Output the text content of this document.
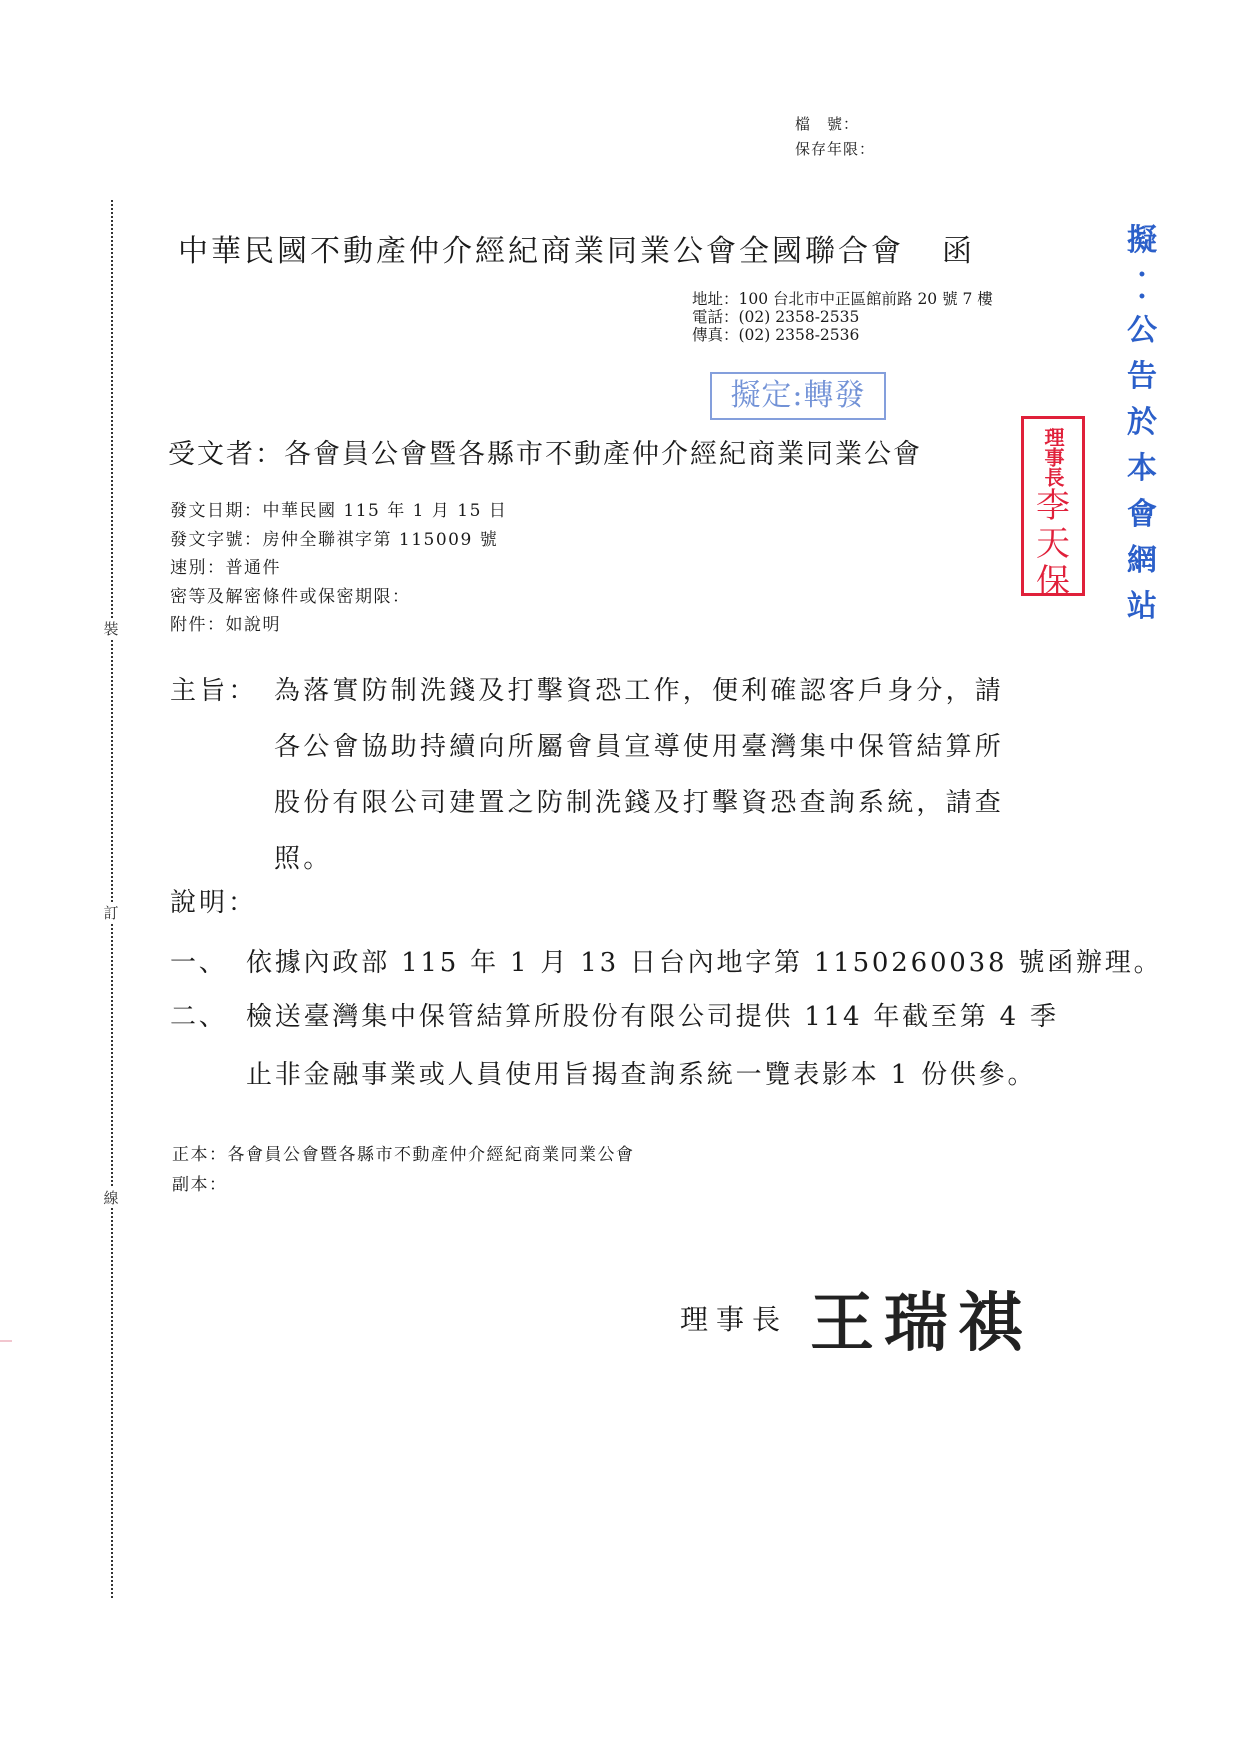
檔　號：
保存年限：
裝
訂
線
中華民國不動產仲介經紀商業同業公會全國聯合會 函
地址：100 台北市中正區館前路 20 號 7 樓
電話：(02) 2358-2535
傳真：(02) 2358-2536
擬定:轉發
受文者：各會員公會暨各縣市不動產仲介經紀商業同業公會	理事長
李
天
保
擬
•
•
公
告
於
本
會
網
站
發文日期：中華民國 115 年 1 月 15 日
發文字號：房仲全聯祺字第 115009 號
速別：普通件
密等及解密條件或保密期限：
附件：如說明
主旨： 為落實防制洗錢及打擊資恐工作，便利確認客戶身分，請
各公會協助持續向所屬會員宣導使用臺灣集中保管結算所
股份有限公司建置之防制洗錢及打擊資恐查詢系統，請查
照。
說明：
一、 依據內政部 115 年 1 月 13 日台內地字第 1150260038 號函辦理。
二、 檢送臺灣集中保管結算所股份有限公司提供 114 年截至第 4 季
止非金融事業或人員使用旨揭查詢系統一覽表影本 1 份供參。
正本：各會員公會暨各縣市不動產仲介經紀商業同業公會
副本：
理事長 王瑞祺
